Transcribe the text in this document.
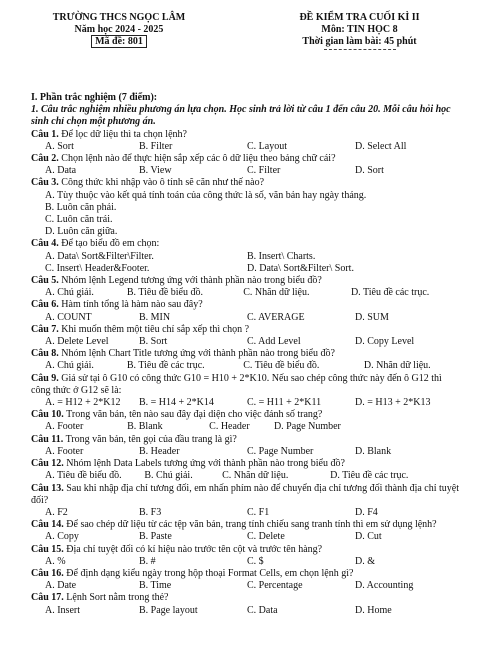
TRƯỜNG THCS NGỌC LÂM
Năm học 2024 - 2025
Mã đề: 801
ĐỀ KIỂM TRA CUỐI KÌ II
Môn: TIN HỌC 8
Thời gian làm bài: 45 phút

I. Phần trắc nghiệm (7 điểm):

1. Câu trắc nghiệm nhiều phương án lựa chọn. Học sinh trả lời từ câu 1 đến câu 20. Mỗi câu hỏi học sinh chỉ chọn một phương án.

Câu 1. Để lọc dữ liệu thì ta chọn lệnh?

A. Sort	B. Filter	C. Layout	D. Select All

Câu 2. Chọn lệnh nào để thực hiện sắp xếp các ô dữ liệu theo bảng chữ cái?

A. Data	B. View	C. Filter	D. Sort

Câu 3. Công thức khi nhập vào ô tính sẽ căn như thế nào?

A. Tùy thuộc vào kết quả tính toán của công thức là số, văn bản hay ngày tháng.

B. Luôn căn phải.

C. Luôn căn trái.

D. Luôn căn giữa.

Câu 4. Để tạo biểu đồ em chọn:

A. Data\ Sort&Filter\Filter.	B. Insert\ Charts.
C. Insert\ Header&Footer.	D. Data\ Sort&Filter\ Sort.

Câu 5. Nhóm lệnh Legend tương ứng với thành phần nào trong biểu đồ?

A. Chú giải.	B. Tiêu đề biểu đồ.	C. Nhãn dữ liệu.	D. Tiêu đề các trục.

Câu 6. Hàm tính tổng là hàm nào sau đây?

A. COUNT	B. MIN	C. AVERAGE	D. SUM

Câu 7. Khi muốn thêm một tiêu chí sắp xếp thì chọn ?

A. Delete Level	B. Sort	C. Add Level	D. Copy Level

Câu 8. Nhóm lệnh Chart Title tương ứng với thành phần nào trong biểu đồ?

A. Chú giải.	B. Tiêu đề các trục.	C. Tiêu đề biểu đồ.	D. Nhãn dữ liệu.

Câu 9. Giả sử tại ô G10 có công thức G10 = H10 + 2*K10. Nếu sao chép công thức này đến ô G12 thì công thức ở G12 sẽ là:

A. = H12 + 2*K12	B. = H14 + 2*K14	C. = H11 + 2*K11	D. = H13 + 2*K13

Câu 10. Trong văn bản, tên nào sau đây đại diện cho việc đánh số trang?

A. Footer	B. Blank	C. Header	D. Page Number

Câu 11. Trong văn bản, tên gọi của đầu trang là gì?

A. Footer	B. Header	C. Page Number	D. Blank

Câu 12. Nhóm lệnh Data Labels tương ứng với thành phần nào trong biểu đồ?

A. Tiêu đề biểu đồ.	B. Chú giải.	C. Nhãn dữ liệu.	D. Tiêu đề các trục.

Câu 13. Sau khi nhập địa chỉ tương đối, em nhấn phím nào để chuyển địa chỉ tương đối thành địa chỉ tuyệt đối?

A. F2	B. F3	C. F1	D. F4

Câu 14. Để sao chép dữ liệu từ các tệp văn bản, trang tính chiếu sang tranh tính thì em sử dụng lệnh?

A. Copy	B. Paste	C. Delete	D. Cut

Câu 15. Địa chỉ tuyệt đối có kí hiệu nào trước tên cột và trước tên hàng?

A. %	B. #	C. $	D. &

Câu 16. Để định dạng kiểu ngày trong hộp thoại Format Cells, em chọn lệnh gì?

A. Date	B. Time	C. Percentage	D. Accounting

Câu 17. Lệnh Sort nằm trong thẻ?

A. Insert	B. Page layout	C. Data	D. Home
